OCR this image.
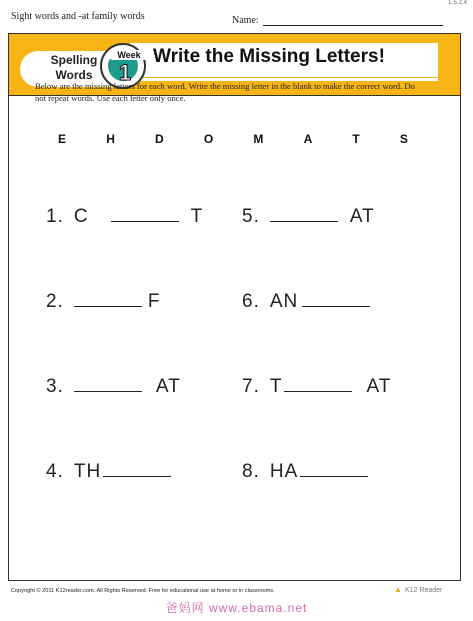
Sight words and -at family words	Name:
L.5.2.4
Spelling
Words
Write the Missing Letters!
Week
1
Below are the missing letters for each word. Write the missing letter in the blank to make the correct word. Do not repeat words. Use each letter only once.
E	H	D	O	M	A	T	S
1. C	T 5.	AT
2.	F	6. AN
3.	AT	7. T	AT
4. TH	8. HA
Copyright © 2011 K12reader.com. All Rights Reserved. Free for educational use at home or in classrooms.	▲ K12 Reader
爸妈网 www.ebama.net
